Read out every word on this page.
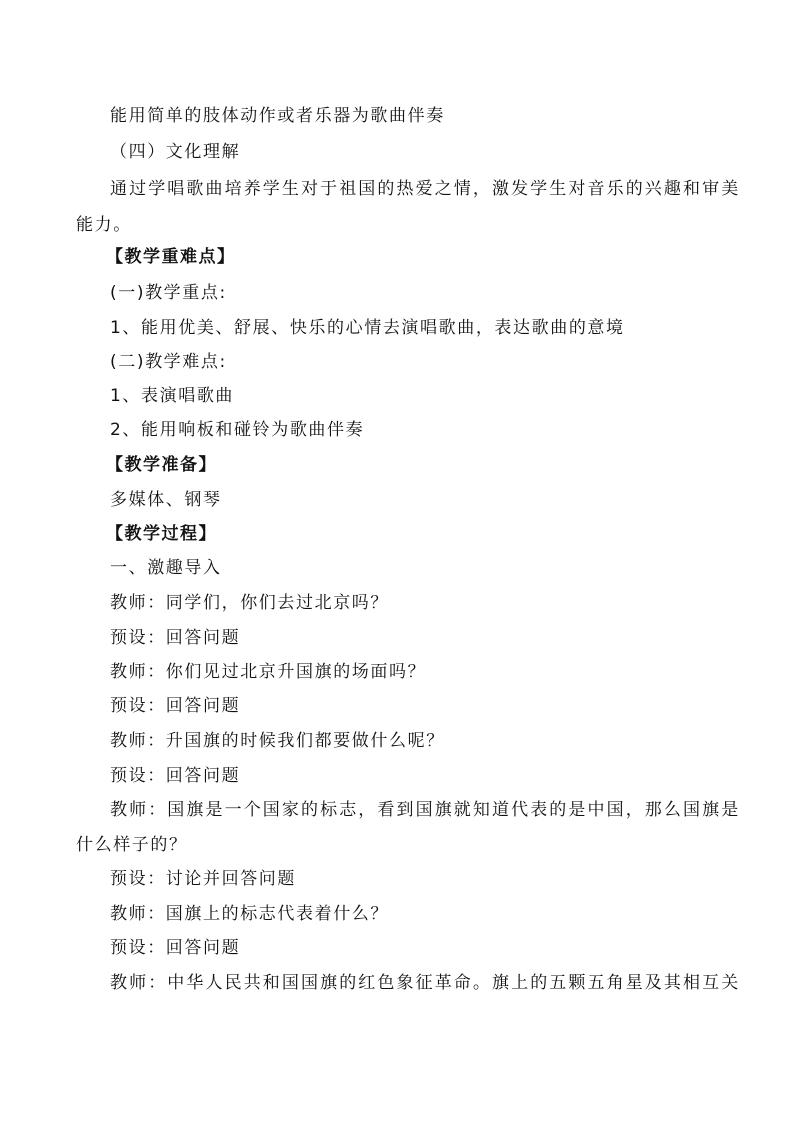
能用简单的肢体动作或者乐器为歌曲伴奏
（四）文化理解
通过学唱歌曲培养学生对于祖国的热爱之情，激发学生对音乐的兴趣和审美
能力。
【教学重难点】
(一)教学重点:
1、能用优美、舒展、快乐的心情去演唱歌曲，表达歌曲的意境
(二)教学难点:
1、表演唱歌曲
2、能用响板和碰铃为歌曲伴奏
【教学准备】
多媒体、钢琴
【教学过程】
一、激趣导入
教师：同学们，你们去过北京吗？
预设：回答问题
教师：你们见过北京升国旗的场面吗？
预设：回答问题
教师：升国旗的时候我们都要做什么呢？
预设：回答问题
教师：国旗是一个国家的标志，看到国旗就知道代表的是中国，那么国旗是
什么样子的？
预设：讨论并回答问题
教师：国旗上的标志代表着什么？
预设：回答问题
教师：中华人民共和国国旗的红色象征革命。旗上的五颗五角星及其相互关
